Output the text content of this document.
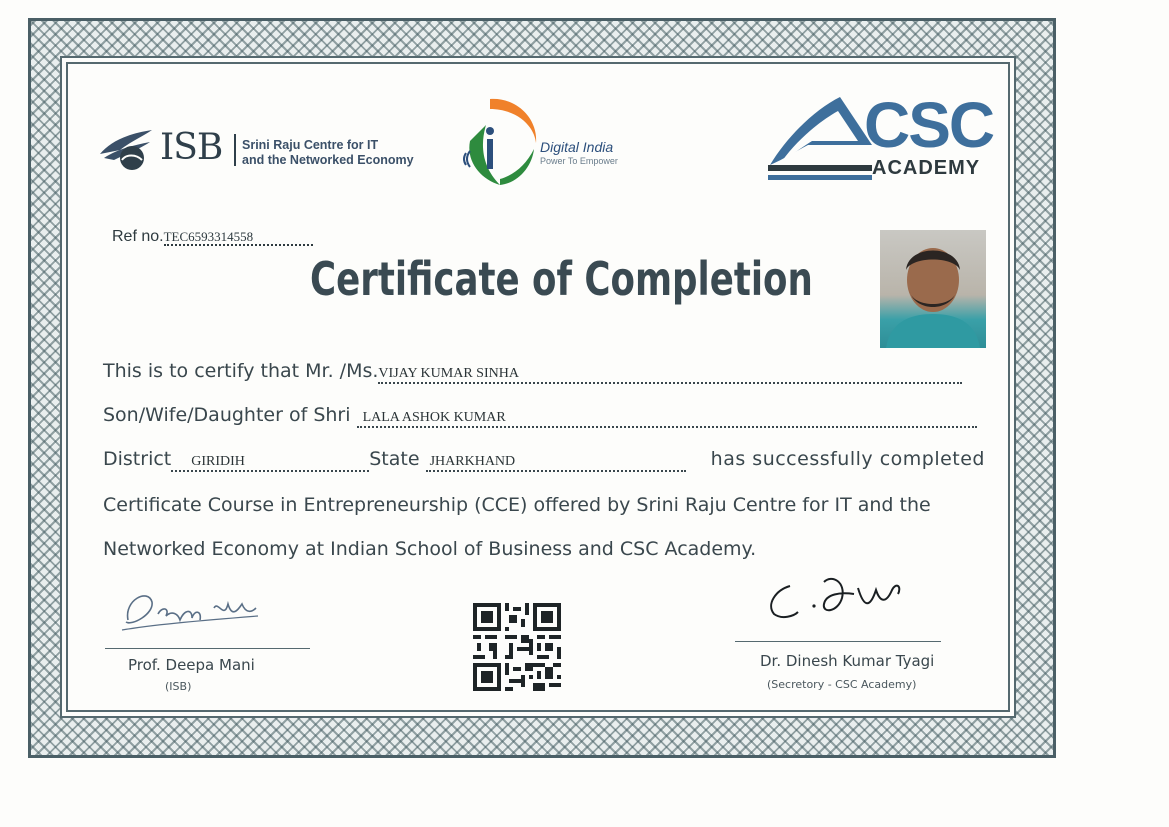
ISB Srini Raju Centre for IT
and the Networked Economy
Digital India
Power To Empower	CSC
ACADEMY
Ref no.TEC6593314558
Certificate of Completion
This is to certify that Mr. /Ms.VIJAY KUMAR SINHA
Son/Wife/Daughter of Shri LALA ASHOK KUMAR
District GIRIDIH	State JHARKHAND	has successfully completed
Certificate Course in Entrepreneurship (CCE) offered by Srini Raju Centre for IT and the
Networked Economy at Indian School of Business and CSC Academy.
Prof. Deepa Mani
(ISB)
Dr. Dinesh Kumar Tyagi
(Secretory - CSC Academy)
